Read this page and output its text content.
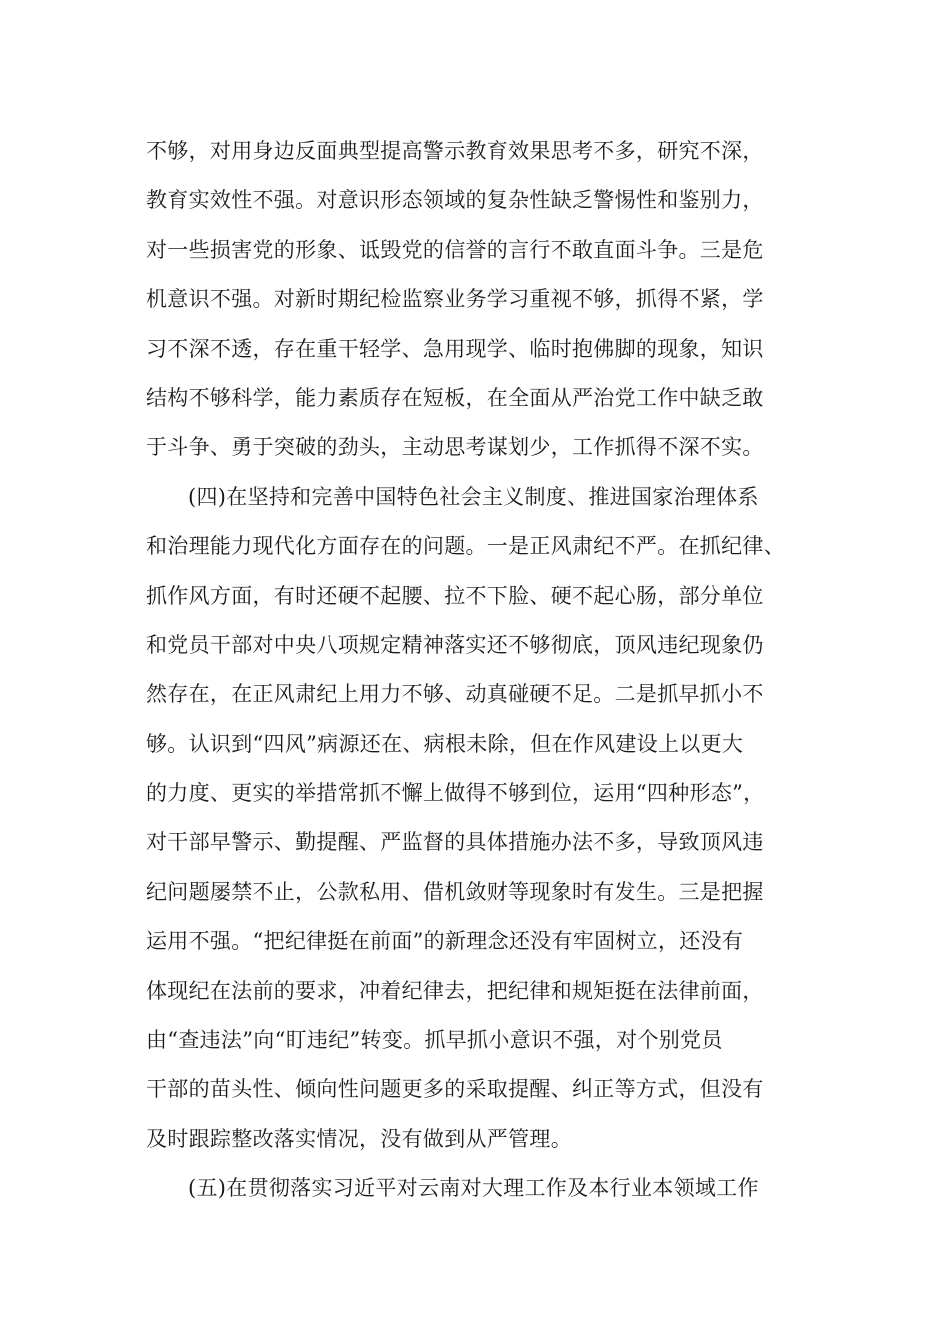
不够，对用身边反面典型提高警示教育效果思考不多，研究不深，
教育实效性不强。对意识形态领域的复杂性缺乏警惕性和鉴别力，
对一些损害党的形象、诋毁党的信誉的言行不敢直面斗争。三是危
机意识不强。对新时期纪检监察业务学习重视不够，抓得不紧，学
习不深不透，存在重干轻学、急用现学、临时抱佛脚的现象，知识
结构不够科学，能力素质存在短板，在全面从严治党工作中缺乏敢
于斗争、勇于突破的劲头，主动思考谋划少，工作抓得不深不实。
(四)在坚持和完善中国特色社会主义制度、推进国家治理体系
和治理能力现代化方面存在的问题。一是正风肃纪不严。在抓纪律、
抓作风方面，有时还硬不起腰、拉不下脸、硬不起心肠，部分单位
和党员干部对中央八项规定精神落实还不够彻底，顶风违纪现象仍
然存在，在正风肃纪上用力不够、动真碰硬不足。二是抓早抓小不
够。认识到“四风”病源还在、病根未除，但在作风建设上以更大
的力度、更实的举措常抓不懈上做得不够到位，运用“四种形态”，
对干部早警示、勤提醒、严监督的具体措施办法不多，导致顶风违
纪问题屡禁不止，公款私用、借机敛财等现象时有发生。三是把握
运用不强。“把纪律挺在前面”的新理念还没有牢固树立，还没有
体现纪在法前的要求，冲着纪律去，把纪律和规矩挺在法律前面，
由“查违法”向“盯违纪”转变。抓早抓小意识不强，对个别党员
干部的苗头性、倾向性问题更多的采取提醒、纠正等方式，但没有
及时跟踪整改落实情况，没有做到从严管理。
(五)在贯彻落实习近平对云南对大理工作及本行业本领域工作
